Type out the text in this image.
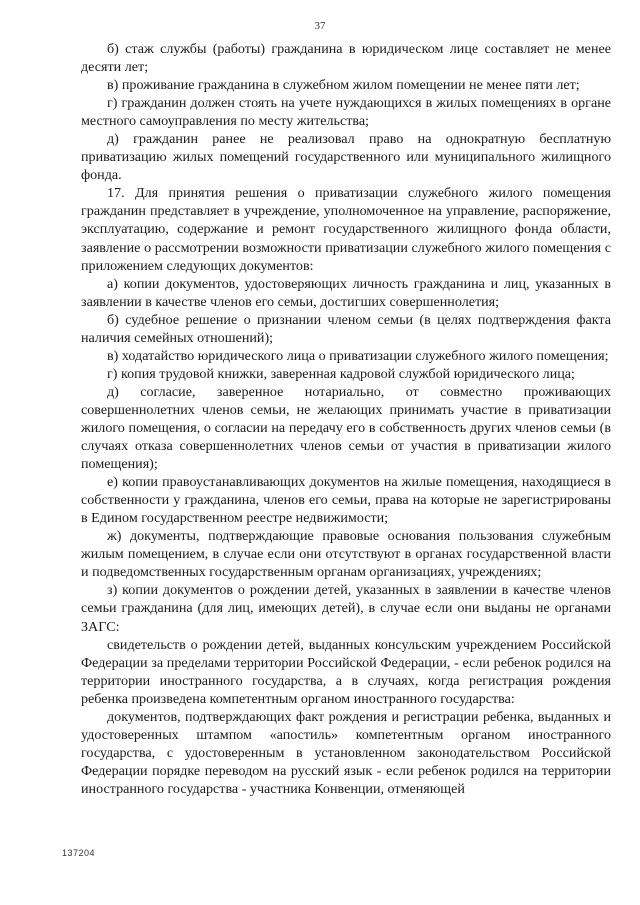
37

б) стаж службы (работы) гражданина в юридическом лице составляет не менее десяти лет;

в) проживание гражданина в служебном жилом помещении не менее пяти лет;

г) гражданин должен стоять на учете нуждающихся в жилых помещениях в органе местного самоуправления по месту жительства;

д) гражданин ранее не реализовал право на однократную бесплатную приватизацию жилых помещений государственного или муниципального жилищного фонда.

17. Для принятия решения о приватизации служебного жилого помещения гражданин представляет в учреждение, уполномоченное на управление, распоряжение, эксплуатацию, содержание и ремонт государственного жилищного фонда области, заявление о рассмотрении возможности приватизации служебного жилого помещения с приложением следующих документов:

а) копии документов, удостоверяющих личность гражданина и лиц, указанных в заявлении в качестве членов его семьи, достигших совершеннолетия;

б) судебное решение о признании членом семьи (в целях подтверждения факта наличия семейных отношений);

в) ходатайство юридического лица о приватизации служебного жилого помещения;

г) копия трудовой книжки, заверенная кадровой службой юридического лица;

д) согласие, заверенное нотариально, от совместно проживающих совершеннолетних членов семьи, не желающих принимать участие в приватизации жилого помещения, о согласии на передачу его в собственность других членов семьи (в случаях отказа совершеннолетних членов семьи от участия в приватизации жилого помещения);

е) копии правоустанавливающих документов на жилые помещения, находящиеся в собственности у гражданина, членов его семьи, права на которые не зарегистрированы в Едином государственном реестре недвижимости;

ж) документы, подтверждающие правовые основания пользования служебным жилым помещением, в случае если они отсутствуют в органах государственной власти и подведомственных государственным органам организациях, учреждениях;

з) копии документов о рождении детей, указанных в заявлении в качестве членов семьи гражданина (для лиц, имеющих детей), в случае если они выданы не органами ЗАГС:

свидетельств о рождении детей, выданных консульским учреждением Российской Федерации за пределами территории Российской Федерации, - если ребенок родился на территории иностранного государства, а в случаях, когда регистрация рождения ребенка произведена компетентным органом иностранного государства:

документов, подтверждающих факт рождения и регистрации ребенка, выданных и удостоверенных штампом «апостиль» компетентным органом иностранного государства, с удостоверенным в установленном законодательством Российской Федерации порядке переводом на русский язык - если ребенок родился на территории иностранного государства - участника Конвенции, отменяющей

137204
